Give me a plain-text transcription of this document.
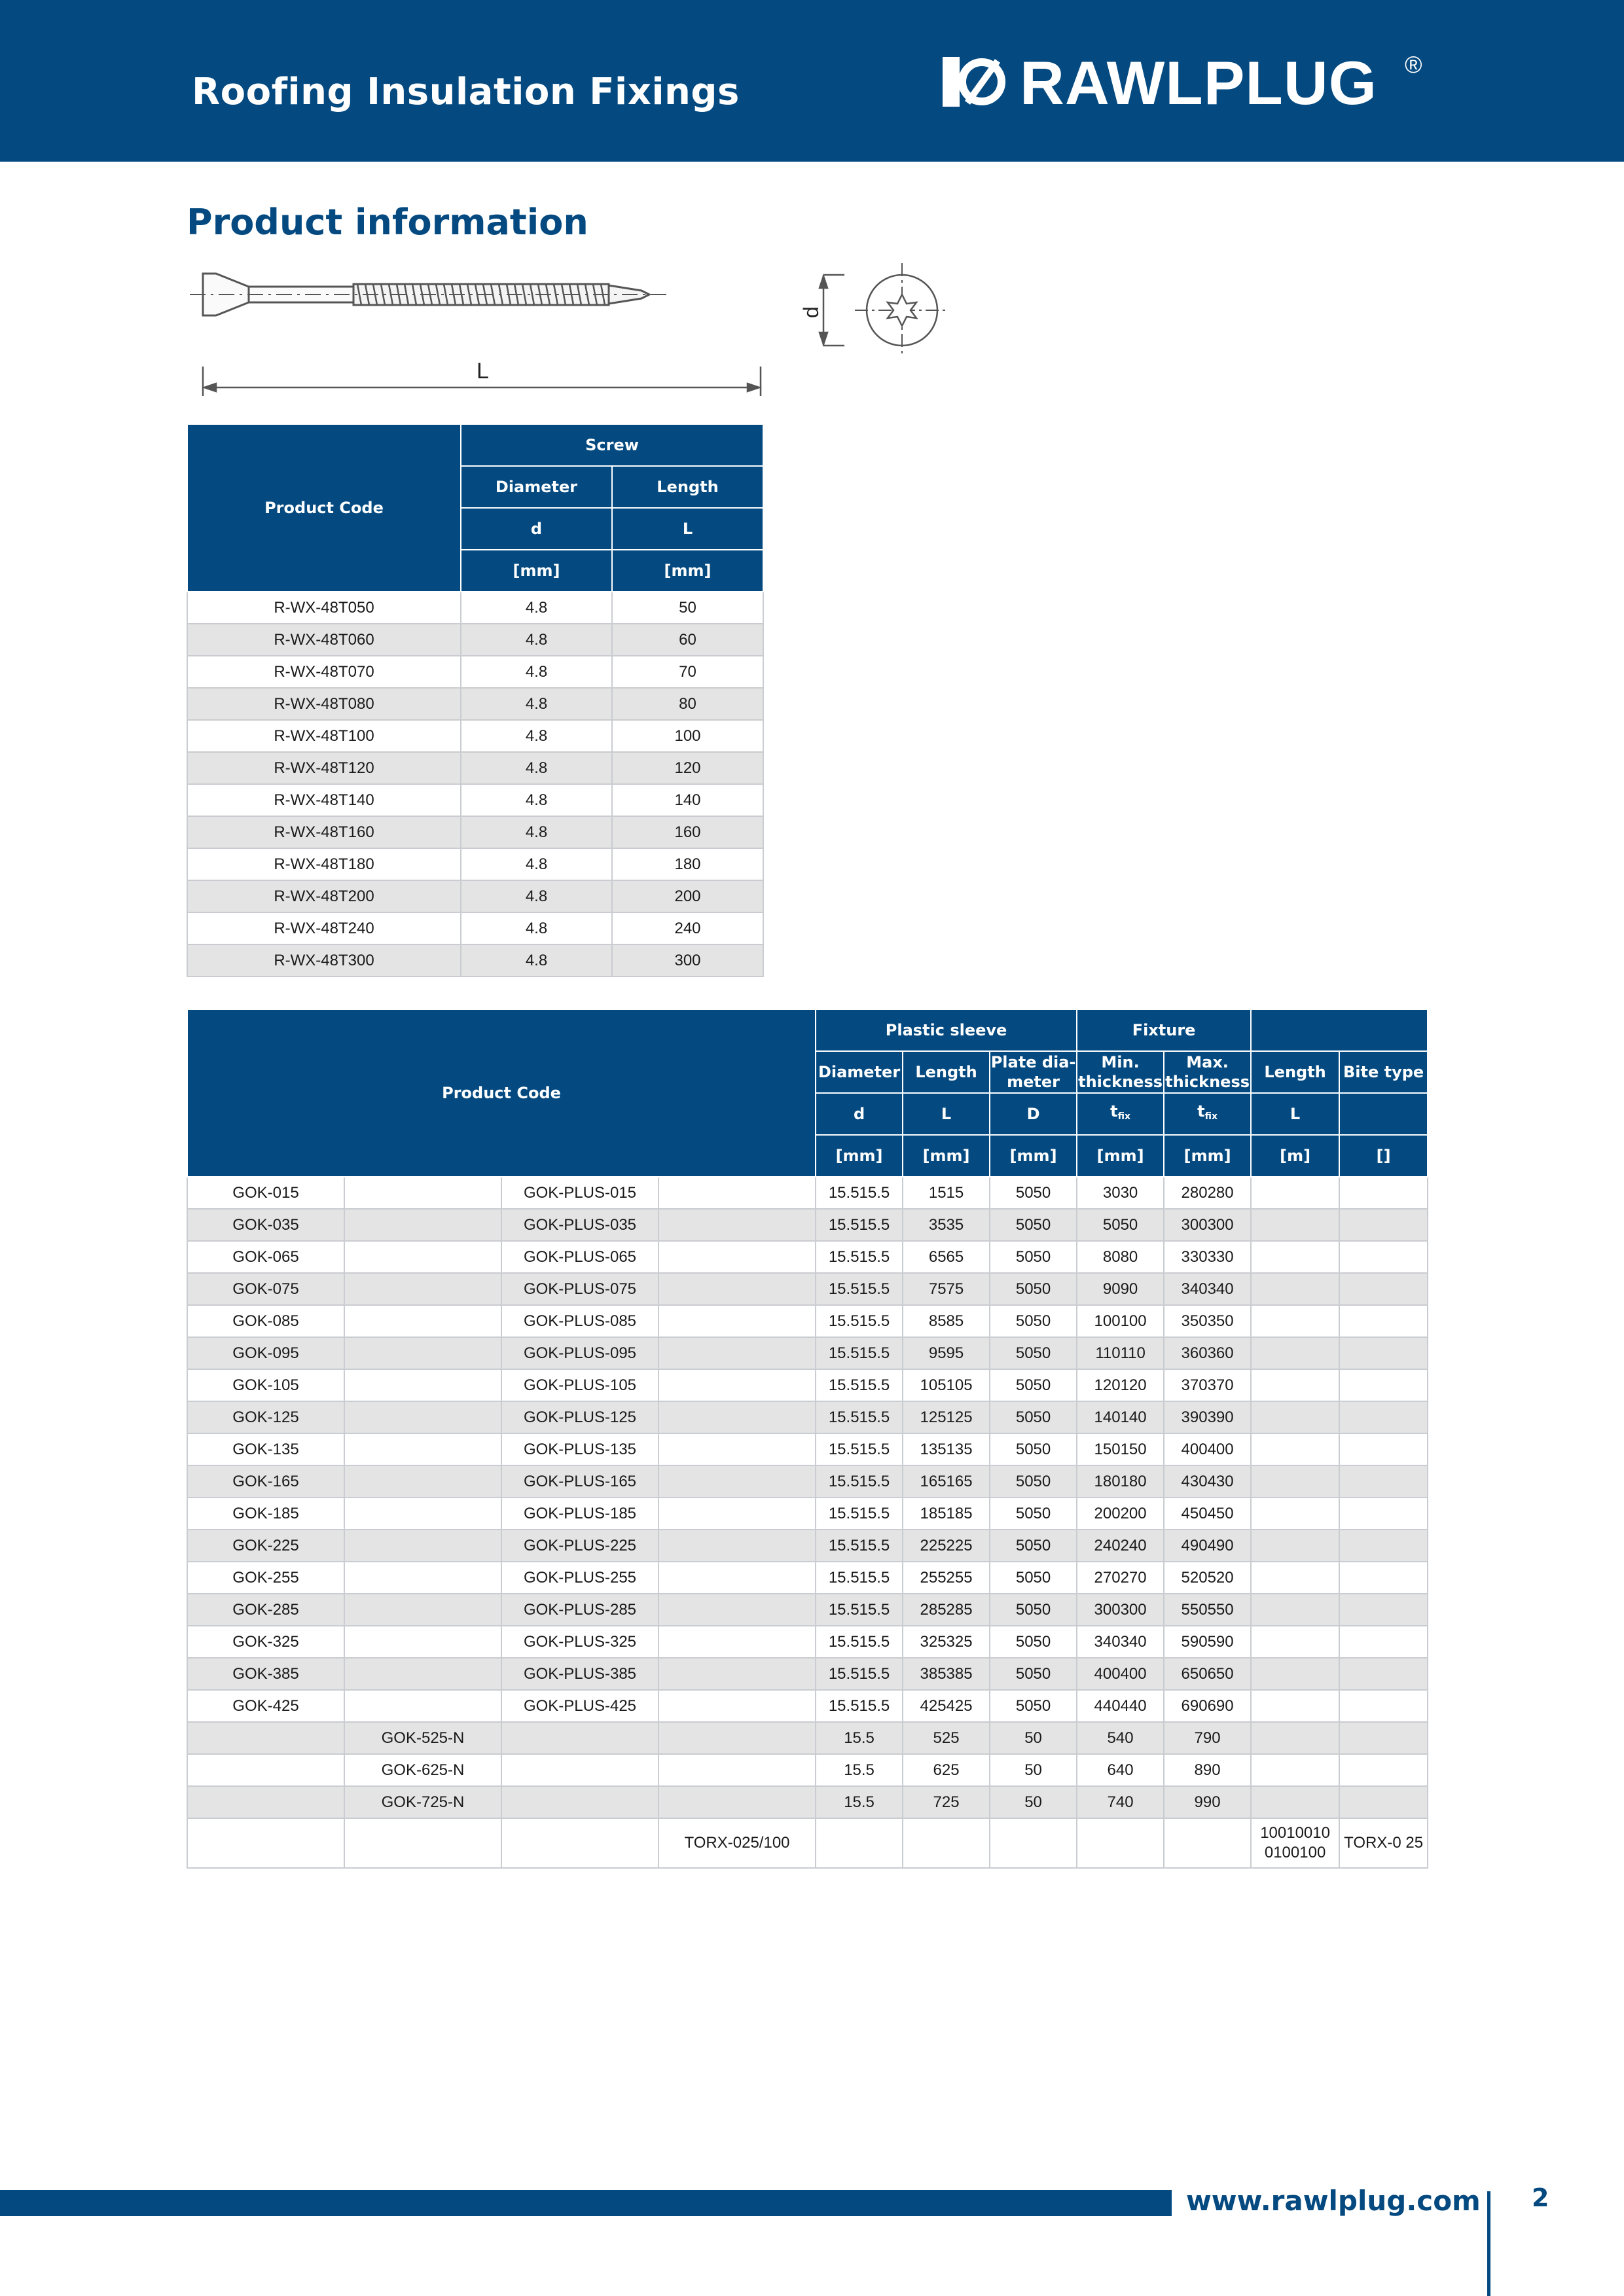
Roofing Insulation Fixings	RAWLPLUG ®
Product information
L
d
Product Code	Screw	
	Diameter	Length
	d	L
	[mm]	[mm]
R-WX-48T050	4.8	50
R-WX-48T060	4.8	60
R-WX-48T070	4.8	70
R-WX-48T080	4.8	80
R-WX-48T100	4.8	100
R-WX-48T120	4.8	120
R-WX-48T140	4.8	140
R-WX-48T160	4.8	160
R-WX-48T180	4.8	180
R-WX-48T200	4.8	200
R-WX-48T240	4.8	240
R-WX-48T300	4.8	300
Product Code				Plastic sleeve			Fixture			
				Diameter	Length	Plate dia-meter	Min. thickness	Max. thickness	Length	Bite type
				d	L	D	$t_{fix}$	$t_{fix}$	L	
				[mm]	[mm]	[mm]	[mm]	[mm]	[m]	[]
GOK-015		GOK-PLUS-015		15.515.5	1515	5050	3030	280280		
GOK-035		GOK-PLUS-035		15.515.5	3535	5050	5050	300300		
GOK-065		GOK-PLUS-065		15.515.5	6565	5050	8080	330330		
GOK-075		GOK-PLUS-075		15.515.5	7575	5050	9090	340340		
GOK-085		GOK-PLUS-085		15.515.5	8585	5050	100100	350350		
GOK-095		GOK-PLUS-095		15.515.5	9595	5050	110110	360360		
GOK-105		GOK-PLUS-105		15.515.5	105105	5050	120120	370370		
GOK-125		GOK-PLUS-125		15.515.5	125125	5050	140140	390390		
GOK-135		GOK-PLUS-135		15.515.5	135135	5050	150150	400400		
GOK-165		GOK-PLUS-165		15.515.5	165165	5050	180180	430430		
GOK-185		GOK-PLUS-185		15.515.5	185185	5050	200200	450450		
GOK-225		GOK-PLUS-225		15.515.5	225225	5050	240240	490490		
GOK-255		GOK-PLUS-255		15.515.5	255255	5050	270270	520520		
GOK-285		GOK-PLUS-285		15.515.5	285285	5050	300300	550550		
GOK-325		GOK-PLUS-325		15.515.5	325325	5050	340340	590590		
GOK-385		GOK-PLUS-385		15.515.5	385385	5050	400400	650650		
GOK-425		GOK-PLUS-425		15.515.5	425425	5050	440440	690690		
	GOK-525-N			15.5	525	50	540	790		
	GOK-625-N			15.5	625	50	640	890		
	GOK-725-N			15.5	725	50	740	990		
			TORX-025/100						10010010 0100100	TORX-0 25
www.rawlplug.com 2
